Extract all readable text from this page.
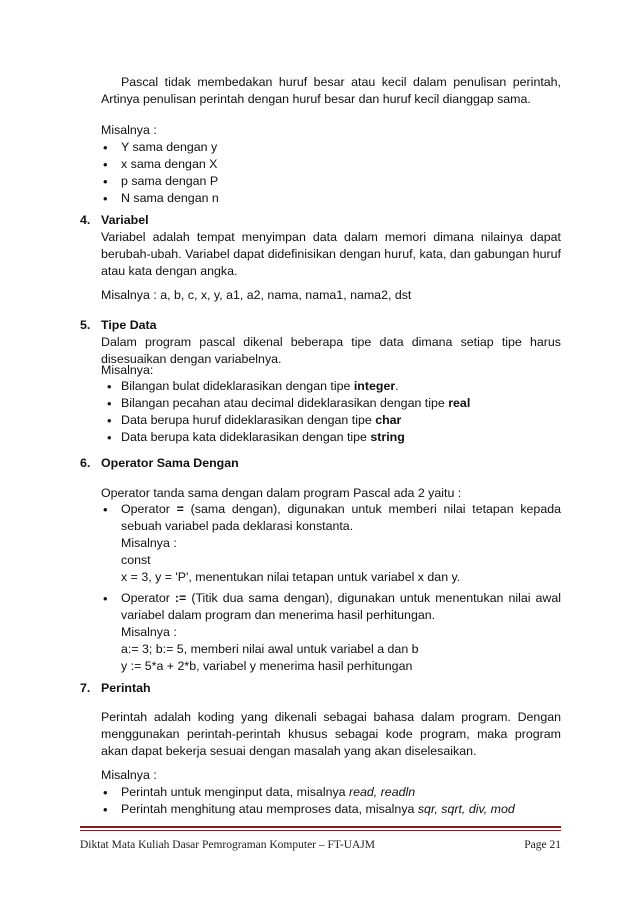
Pascal tidak membedakan huruf besar atau kecil dalam penulisan perintah, Artinya penulisan perintah dengan huruf besar dan huruf kecil dianggap sama.
Misalnya :
• Y sama dengan y
• x sama dengan X
• p sama dengan P
• N sama dengan n
4. Variabel
Variabel adalah tempat menyimpan data dalam memori dimana nilainya dapat berubah-ubah. Variabel dapat didefinisikan dengan huruf, kata, dan gabungan huruf atau kata dengan angka.
Misalnya : a, b, c, x, y, a1, a2, nama, nama1, nama2, dst
5. Tipe Data
Dalam program pascal dikenal beberapa tipe data dimana setiap tipe harus disesuaikan dengan variabelnya.
Misalnya:
• Bilangan bulat dideklarasikan dengan tipe integer.
• Bilangan pecahan atau decimal dideklarasikan dengan tipe real
• Data berupa huruf dideklarasikan dengan tipe char
• Data berupa kata dideklarasikan dengan tipe string
6. Operator Sama Dengan
Operator tanda sama dengan dalam program Pascal ada 2 yaitu :
• Operator = (sama dengan), digunakan untuk memberi nilai tetapan kepada sebuah variabel pada deklarasi konstanta.
Misalnya :
const
x = 3, y = 'P', menentukan nilai tetapan untuk variabel x dan y.
• Operator := (Titik dua sama dengan), digunakan untuk menentukan nilai awal variabel dalam program dan menerima hasil perhitungan.
Misalnya :
a:= 3; b:= 5, memberi nilai awal untuk variabel a dan b
y := 5*a + 2*b, variabel y menerima hasil perhitungan
7. Perintah
Perintah adalah koding yang dikenali sebagai bahasa dalam program. Dengan menggunakan perintah-perintah khusus sebagai kode program, maka program akan dapat bekerja sesuai dengan masalah yang akan diselesaikan.
Misalnya :
• Perintah untuk menginput data, misalnya read, readln
• Perintah menghitung atau memproses data, misalnya sqr, sqrt, div, mod
Diktat Mata Kuliah Dasar Pemrograman Komputer – FT-UAJM	Page 21
